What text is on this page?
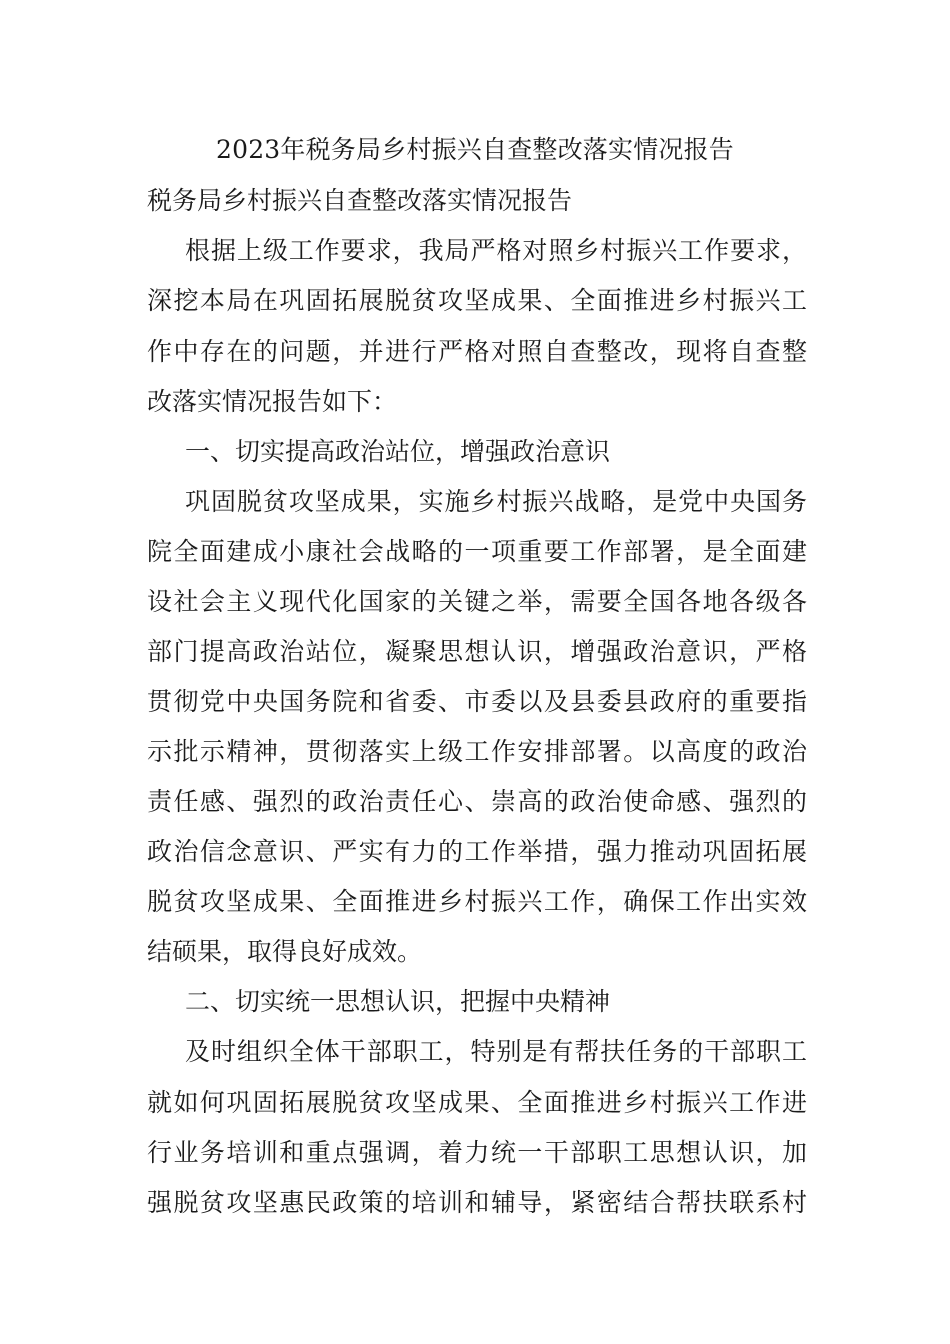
2023年税务局乡村振兴自查整改落实情况报告
税务局乡村振兴自查整改落实情况报告
根据上级工作要求，我局严格对照乡村振兴工作要求，
深挖本局在巩固拓展脱贫攻坚成果、全面推进乡村振兴工
作中存在的问题，并进行严格对照自查整改，现将自查整
改落实情况报告如下：
一、切实提高政治站位，增强政治意识
巩固脱贫攻坚成果，实施乡村振兴战略，是党中央国务
院全面建成小康社会战略的一项重要工作部署，是全面建
设社会主义现代化国家的关键之举，需要全国各地各级各
部门提高政治站位，凝聚思想认识，增强政治意识，严格
贯彻党中央国务院和省委、市委以及县委县政府的重要指
示批示精神，贯彻落实上级工作安排部署。以高度的政治
责任感、强烈的政治责任心、崇高的政治使命感、强烈的
政治信念意识、严实有力的工作举措，强力推动巩固拓展
脱贫攻坚成果、全面推进乡村振兴工作，确保工作出实效
结硕果，取得良好成效。
二、切实统一思想认识，把握中央精神
及时组织全体干部职工，特别是有帮扶任务的干部职工
就如何巩固拓展脱贫攻坚成果、全面推进乡村振兴工作进
行业务培训和重点强调，着力统一干部职工思想认识，加
强脱贫攻坚惠民政策的培训和辅导，紧密结合帮扶联系村
